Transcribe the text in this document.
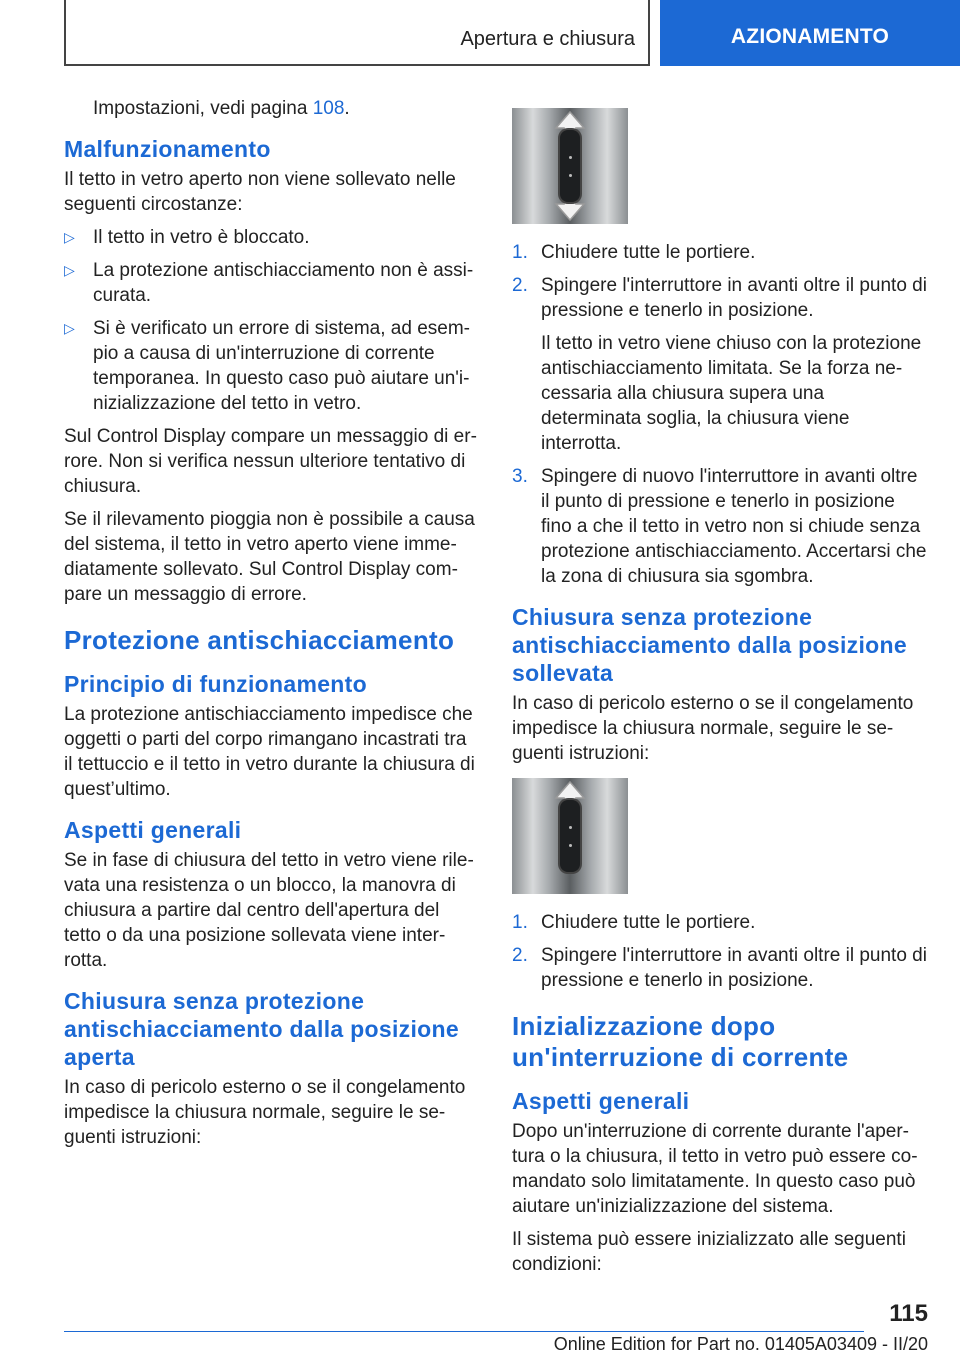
Apertura e chiusura	AZIONAMENTO

Impostazioni, vedi pagina 108.

Malfunzionamento

Il tetto in vetro aperto non viene sollevato nelle seguenti circostanze:

▷ Il tetto in vetro è bloccato.
▷ La protezione antischiacciamento non è assi-curata.
▷ Si è verificato un errore di sistema, ad esem-pio a causa di un'interruzione di corrente temporanea. In questo caso può aiutare un'i-nizializzazione del tetto in vetro.

Sul Control Display compare un messaggio di er-rore. Non si verifica nessun ulteriore tentativo di chiusura.

Se il rilevamento pioggia non è possibile a causa del sistema, il tetto in vetro aperto viene imme-diatamente sollevato. Sul Control Display com-pare un messaggio di errore.

Protezione antischiacciamento
Principio di funzionamento

La protezione antischiacciamento impedisce che oggetti o parti del corpo rimangano incastrati tra il tettuccio e il tetto in vetro durante la chiusura di quest’ultimo.

Aspetti generali

Se in fase di chiusura del tetto in vetro viene rile-vata una resistenza o un blocco, la manovra di chiusura a partire dal centro dell'apertura del tetto o da una posizione sollevata viene inter-rotta.

Chiusura senza protezione antischiacciamento dalla posizione aperta

In caso di pericolo esterno o se il congelamento impedisce la chiusura normale, seguire le se-guenti istruzioni:

1. Chiudere tutte le portiere.
2. Spingere l'interruttore in avanti oltre il punto di pressione e tenerlo in posizione.
Il tetto in vetro viene chiuso con la protezione antischiacciamento limitata. Se la forza ne-cessaria alla chiusura supera una determinata soglia, la chiusura viene interrotta.
3. Spingere di nuovo l'interruttore in avanti oltre il punto di pressione e tenerlo in posizione fino a che il tetto in vetro non si chiude senza protezione antischiacciamento. Accertarsi che la zona di chiusura sia sgombra.
Chiusura senza protezione antischiacciamento dalla posizione sollevata

In caso di pericolo esterno o se il congelamento impedisce la chiusura normale, seguire le se-guenti istruzioni:

1. Chiudere tutte le portiere.
2. Spingere l'interruttore in avanti oltre il punto di pressione e tenerlo in posizione.
Inizializzazione dopo un'interruzione di corrente
Aspetti generali

Dopo un'interruzione di corrente durante l'aper-tura o la chiusura, il tetto in vetro può essere co-mandato solo limitatamente. In questo caso può aiutare un'inizializzazione del sistema.

Il sistema può essere inizializzato alle seguenti condizioni:

115
Online Edition for Part no. 01405A03409 - II/20
